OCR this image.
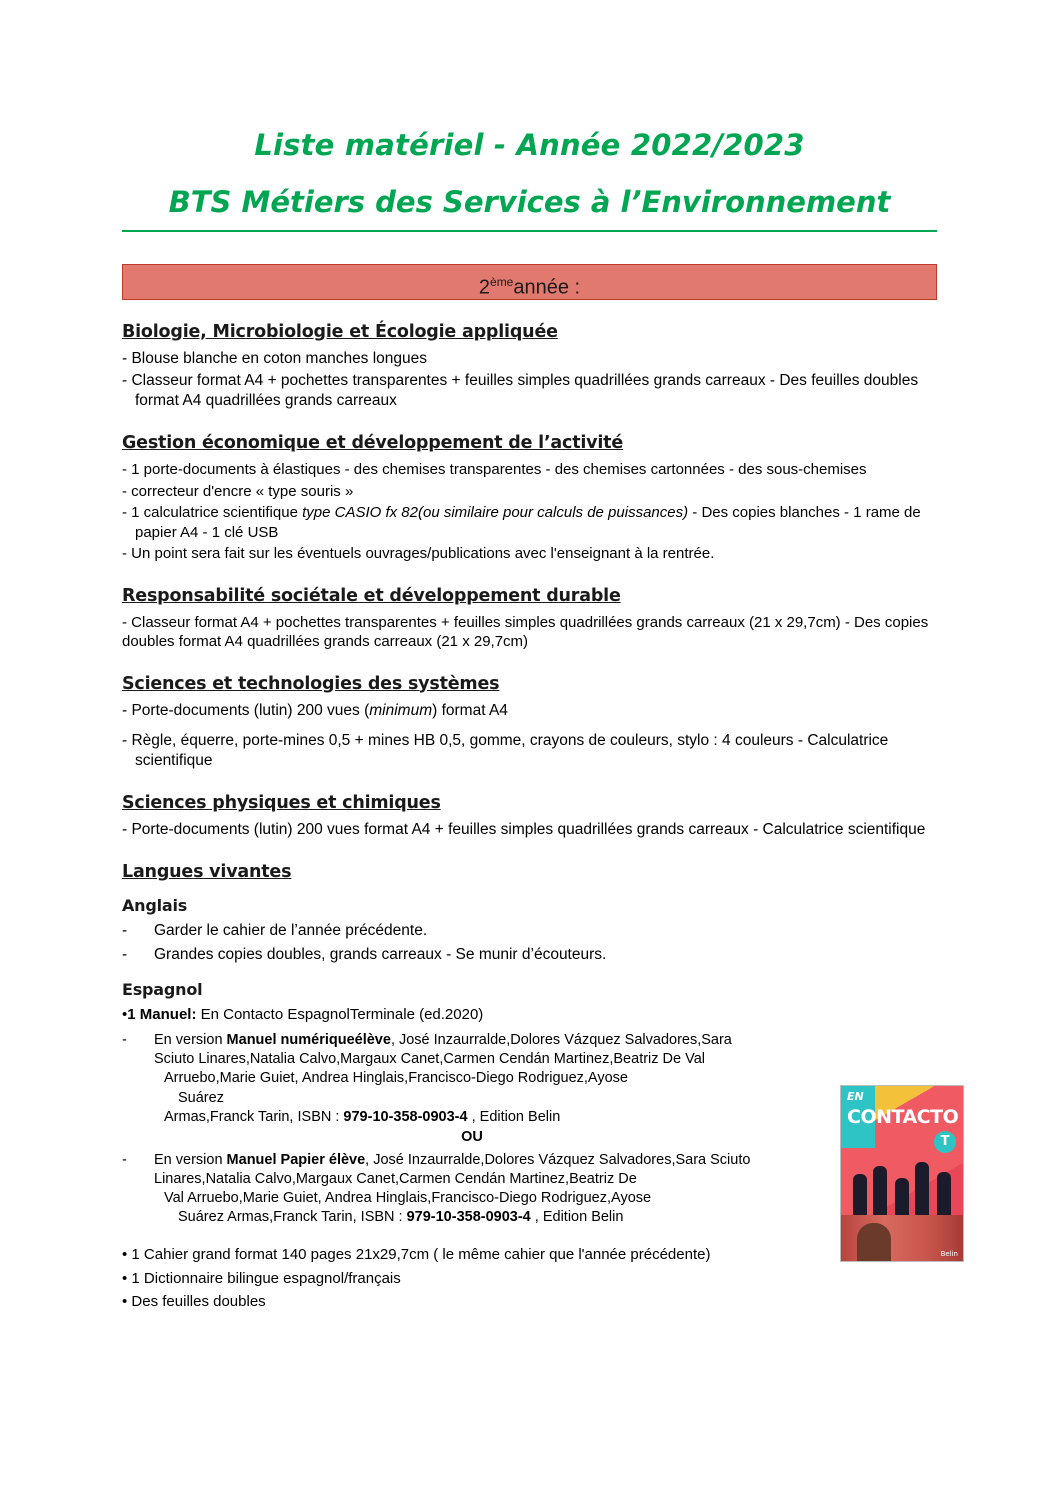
Liste matériel - Année 2022/2023
BTS Métiers des Services à l’Environnement
2èmeannée :
Biologie, Microbiologie et Écologie appliquée
- Blouse blanche en coton manches longues
- Classeur format A4 + pochettes transparentes + feuilles simples quadrillées grands carreaux - Des feuilles doubles format A4 quadrillées grands carreaux
Gestion économique et développement de l’activité
- 1 porte-documents à élastiques - des chemises transparentes - des chemises cartonnées - des sous-chemises
- correcteur d'encre « type souris »
- 1 calculatrice scientifique type CASIO fx 82(ou similaire pour calculs de puissances) - Des copies blanches - 1 rame de papier A4 - 1 clé USB
- Un point sera fait sur les éventuels ouvrages/publications avec l'enseignant à la rentrée.
Responsabilité sociétale et développement durable
- Classeur format A4 + pochettes transparentes + feuilles simples quadrillées grands carreaux (21 x 29,7cm) - Des copies doubles format A4 quadrillées grands carreaux (21 x 29,7cm)
Sciences et technologies des systèmes
- Porte-documents (lutin) 200 vues (minimum) format A4
- Règle, équerre, porte-mines 0,5 + mines HB 0,5, gomme, crayons de couleurs, stylo : 4 couleurs - Calculatrice scientifique
Sciences physiques et chimiques
- Porte-documents (lutin) 200 vues format A4 + feuilles simples quadrillées grands carreaux - Calculatrice scientifique
Langues vivantes
Anglais
-	Garder le cahier de l’année précédente.
-	Grandes copies doubles, grands carreaux - Se munir d’écouteurs.
Espagnol
•1 Manuel: En Contacto EspagnolTerminale (ed.2020)
-	En version Manuel numériqueélève, José Inzaurralde,Dolores Vázquez Salvadores,Sara
Sciuto Linares,Natalia Calvo,Margaux Canet,Carmen Cendán Martinez,Beatriz De Val
Arruebo,Marie Guiet, Andrea Hinglais,Francisco-Diego Rodriguez,Ayose
Suárez
Armas,Franck Tarin, ISBN : 979-10-358-0903-4 , Edition Belin
OU
-	En version Manuel Papier élève, José Inzaurralde,Dolores Vázquez Salvadores,Sara Sciuto
Linares,Natalia Calvo,Margaux Canet,Carmen Cendán Martinez,Beatriz De
Val Arruebo,Marie Guiet, Andrea Hinglais,Francisco-Diego Rodriguez,Ayose
Suárez Armas,Franck Tarin, ISBN : 979-10-358-0903-4 , Edition Belin
• 1 Cahier grand format 140 pages 21x29,7cm ( le même cahier que l'année précédente)
• 1 Dictionnaire bilingue espagnol/français
• Des feuilles doubles
EN
CONTACTO
T
Belin
